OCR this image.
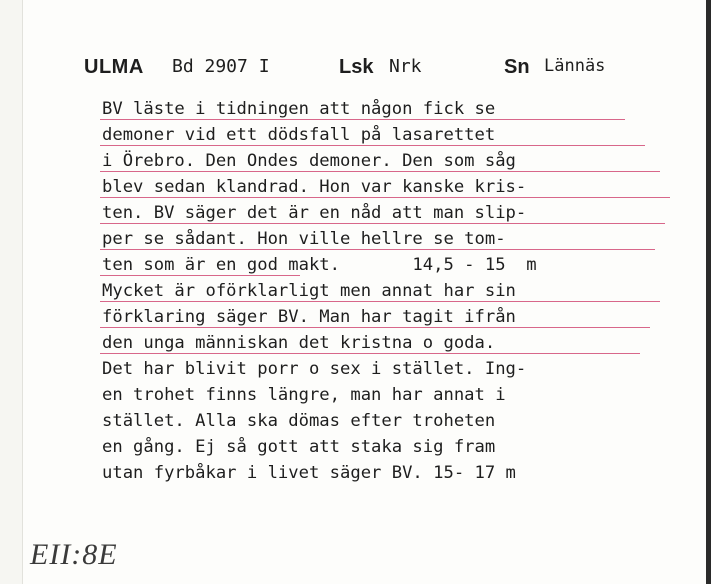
ULMA Bd 2907 I	Lsk Nrk	Sn Lännäs
BV läste i tidningen att någon fick se
demoner vid ett dödsfall på lasarettet
i Örebro. Den Ondes demoner. Den som såg
blev sedan klandrad. Hon var kanske kris-
ten. BV säger det är en nåd att man slip-
per se sådant. Hon ville hellre se tom-
ten som är en god makt.       14,5 - 15  m
Mycket är oförklarligt men annat har sin
förklaring säger BV. Man har tagit ifrån
den unga människan det kristna o goda.
Det har blivit porr o sex i stället. Ing-
en trohet finns längre, man har annat i
stället. Alla ska dömas efter troheten
en gång. Ej så gott att staka sig fram
utan fyrbåkar i livet säger BV. 15- 17 m
EII:8E
